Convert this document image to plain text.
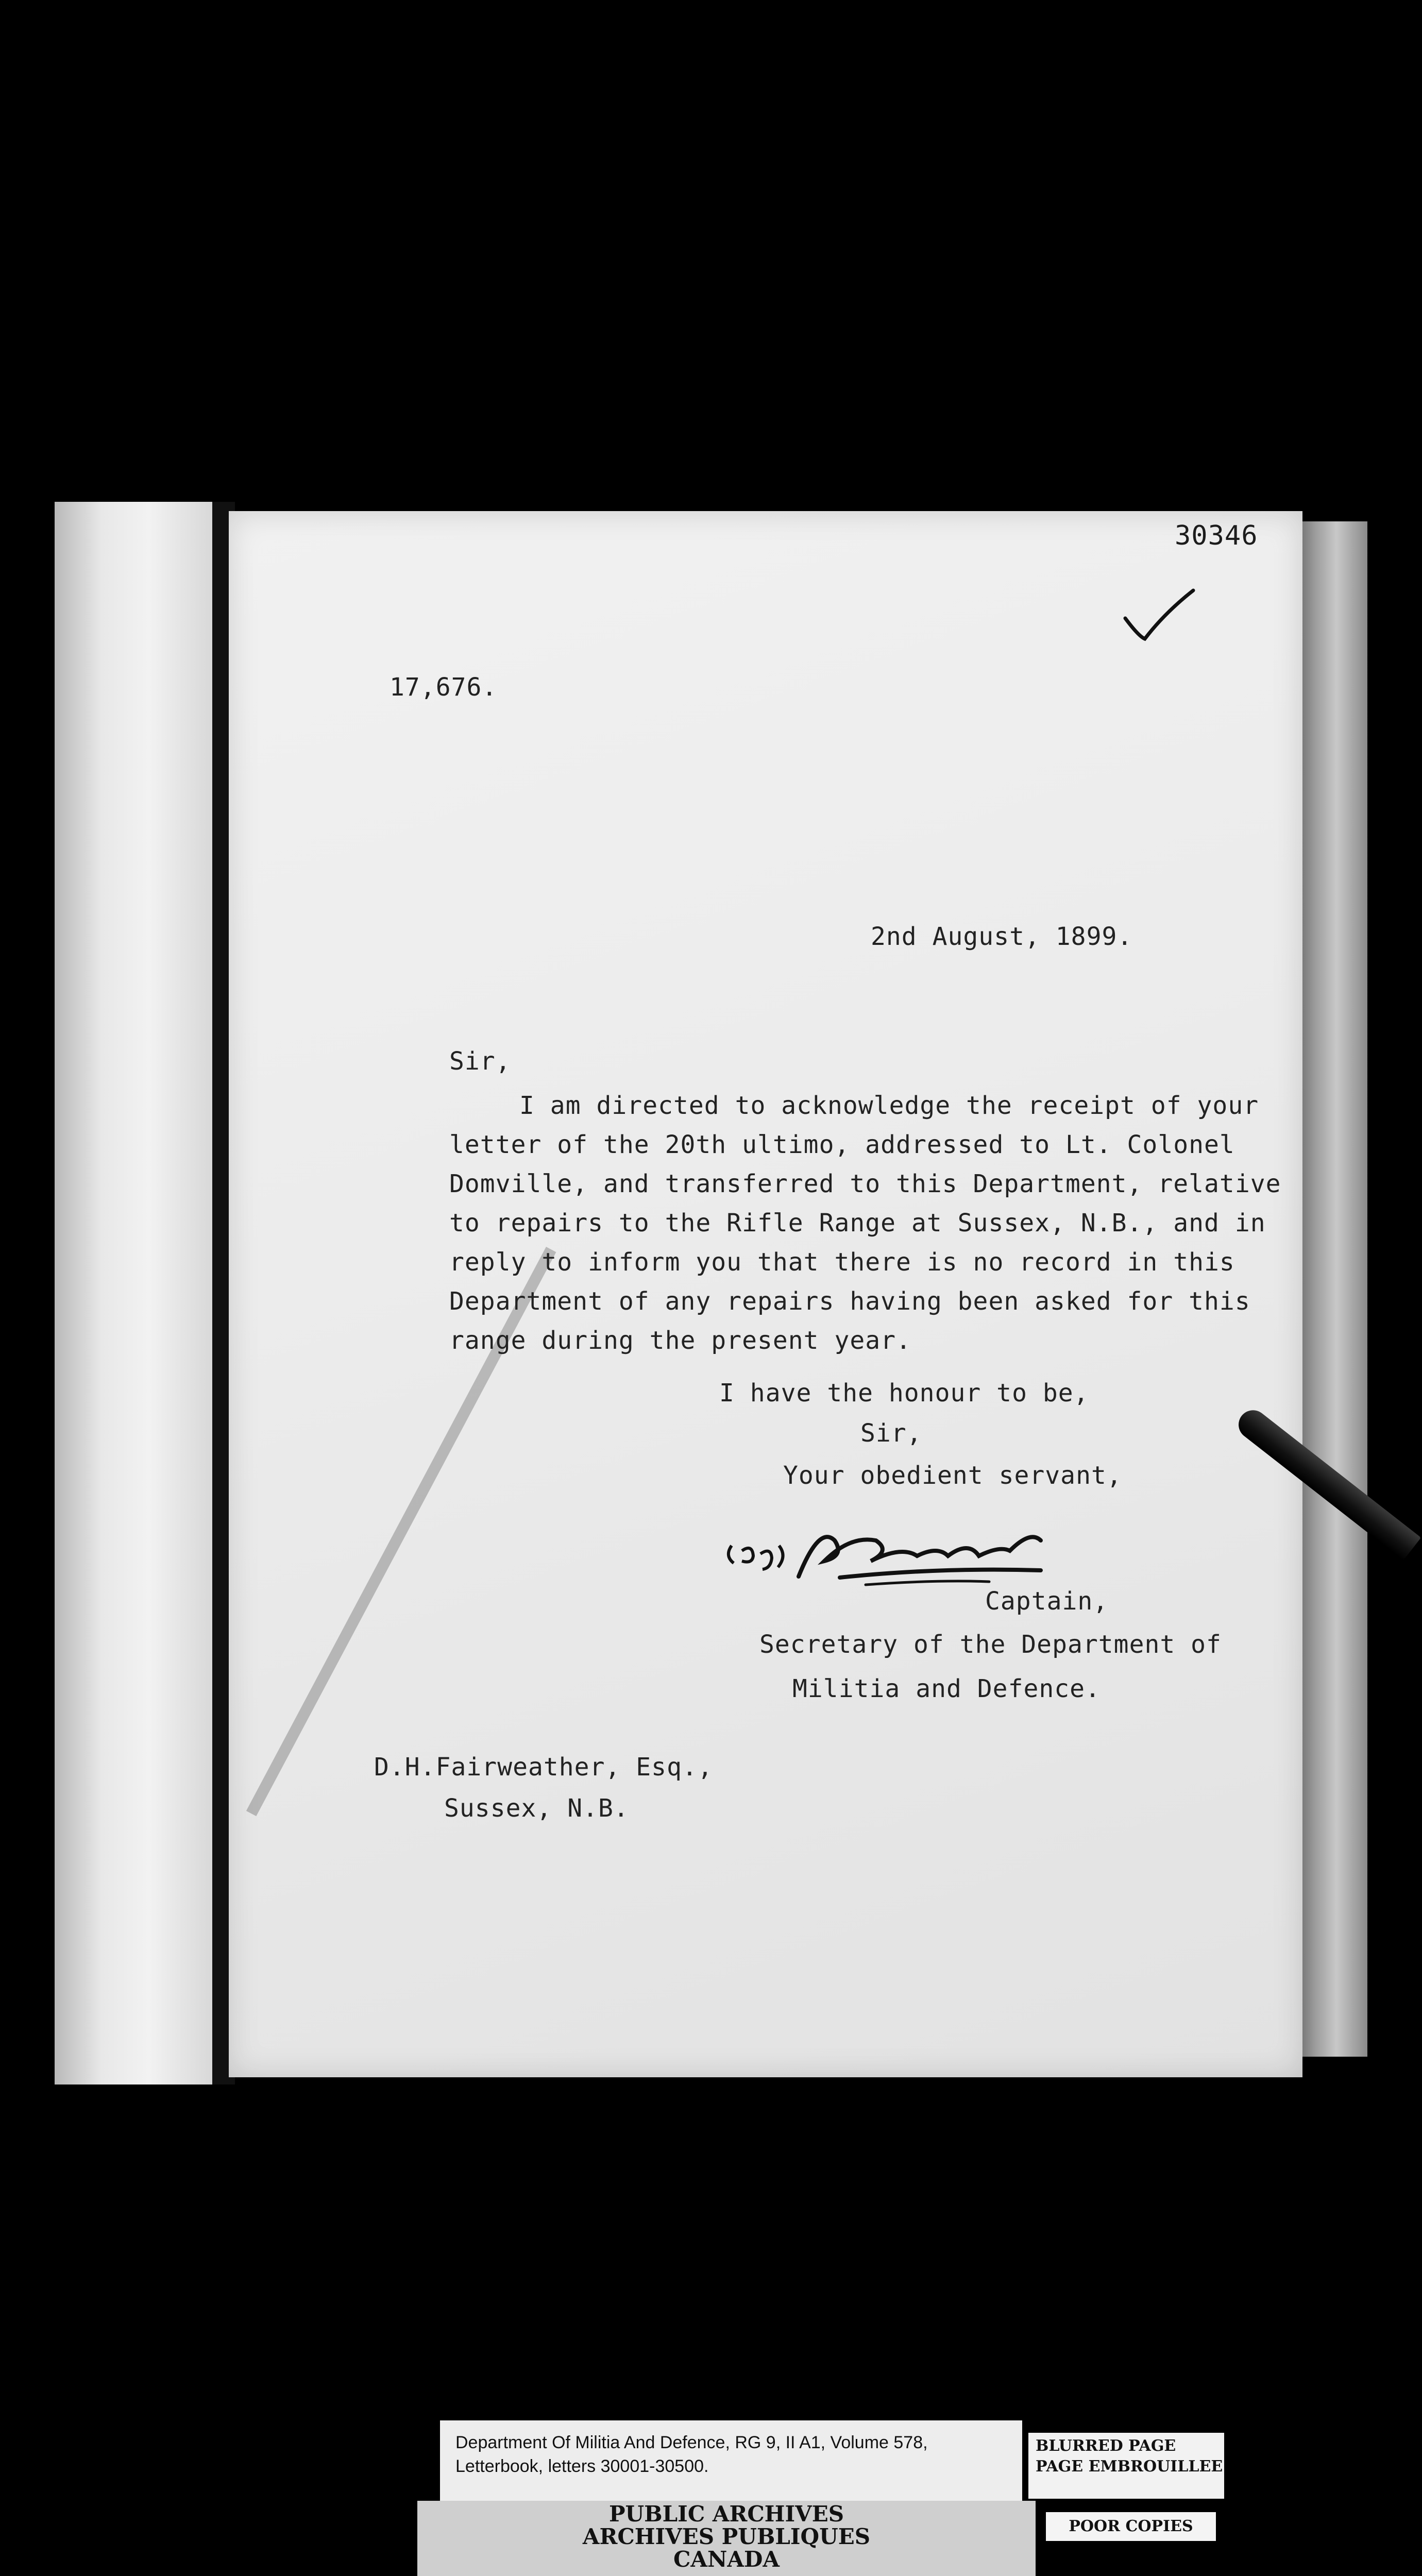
30346
17,676.
2nd August, 1899.
Sir,
I am directed to acknowledge the receipt of your
letter of the 20th ultimo, addressed to Lt. Colonel
Domville, and transferred to this Department, relative
to repairs to the Rifle Range at Sussex, N.B., and in
reply to inform you that there is no record in this
Department of any repairs having been asked for this
range during the present year.
I have the honour to be,
Sir,
Your obedient servant,
Captain,
Secretary of the Department of
Militia and Defence.
D.H.Fairweather, Esq.,
Sussex, N.B.
Department Of Militia And Defence, RG 9, II A1, Volume 578, Letterbook, letters 30001-30500.
BLURRED PAGE
PAGE EMBROUILLEE
PUBLIC ARCHIVES
ARCHIVES PUBLIQUES
CANADA
POOR COPIES
